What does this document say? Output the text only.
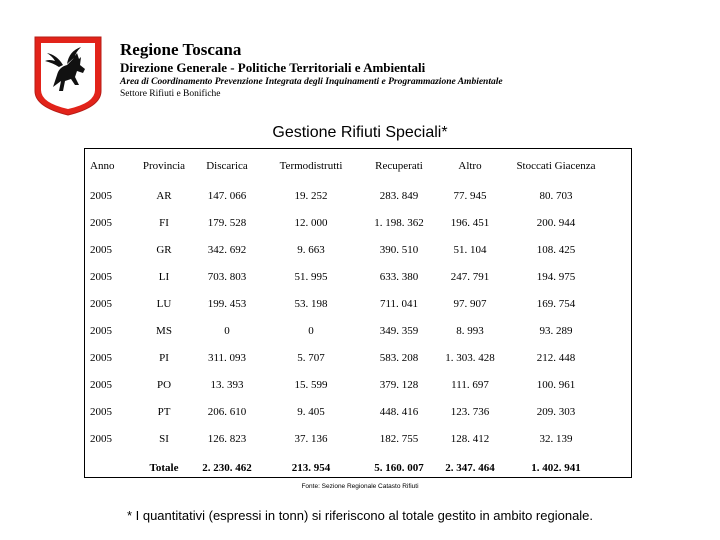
Regione Toscana
Direzione Generale - Politiche Territoriali e Ambientali
Area di Coordinamento Prevenzione Integrata degli Inquinamenti e Programmazione Ambientale
Settore Rifiuti e Bonifiche
Gestione Rifiuti Speciali*
Anno	Provincia	Discarica	Termodistrutti	Recuperati	Altro	Stoccati Giacenza
2005	AR	147. 066	19. 252	283. 849	77. 945	80. 703
2005	FI	179. 528	12. 000	1. 198. 362	196. 451	200. 944
2005	GR	342. 692	9. 663	390. 510	51. 104	108. 425
2005	LI	703. 803	51. 995	633. 380	247. 791	194. 975
2005	LU	199. 453	53. 198	711. 041	97. 907	169. 754
2005	MS	0	0	349. 359	8. 993	93. 289
2005	PI	311. 093	5. 707	583. 208	1. 303. 428	212. 448
2005	PO	13. 393	15. 599	379. 128	111. 697	100. 961
2005	PT	206. 610	9. 405	448. 416	123. 736	209. 303
2005	SI	126. 823	37. 136	182. 755	128. 412	32. 139
	Totale	2. 230. 462	213. 954	5. 160. 007	2. 347. 464	1. 402. 941
Fonte: Sezione Regionale Catasto Rifiuti
* I quantitativi (espressi in tonn) si riferiscono al totale gestito in ambito regionale.
